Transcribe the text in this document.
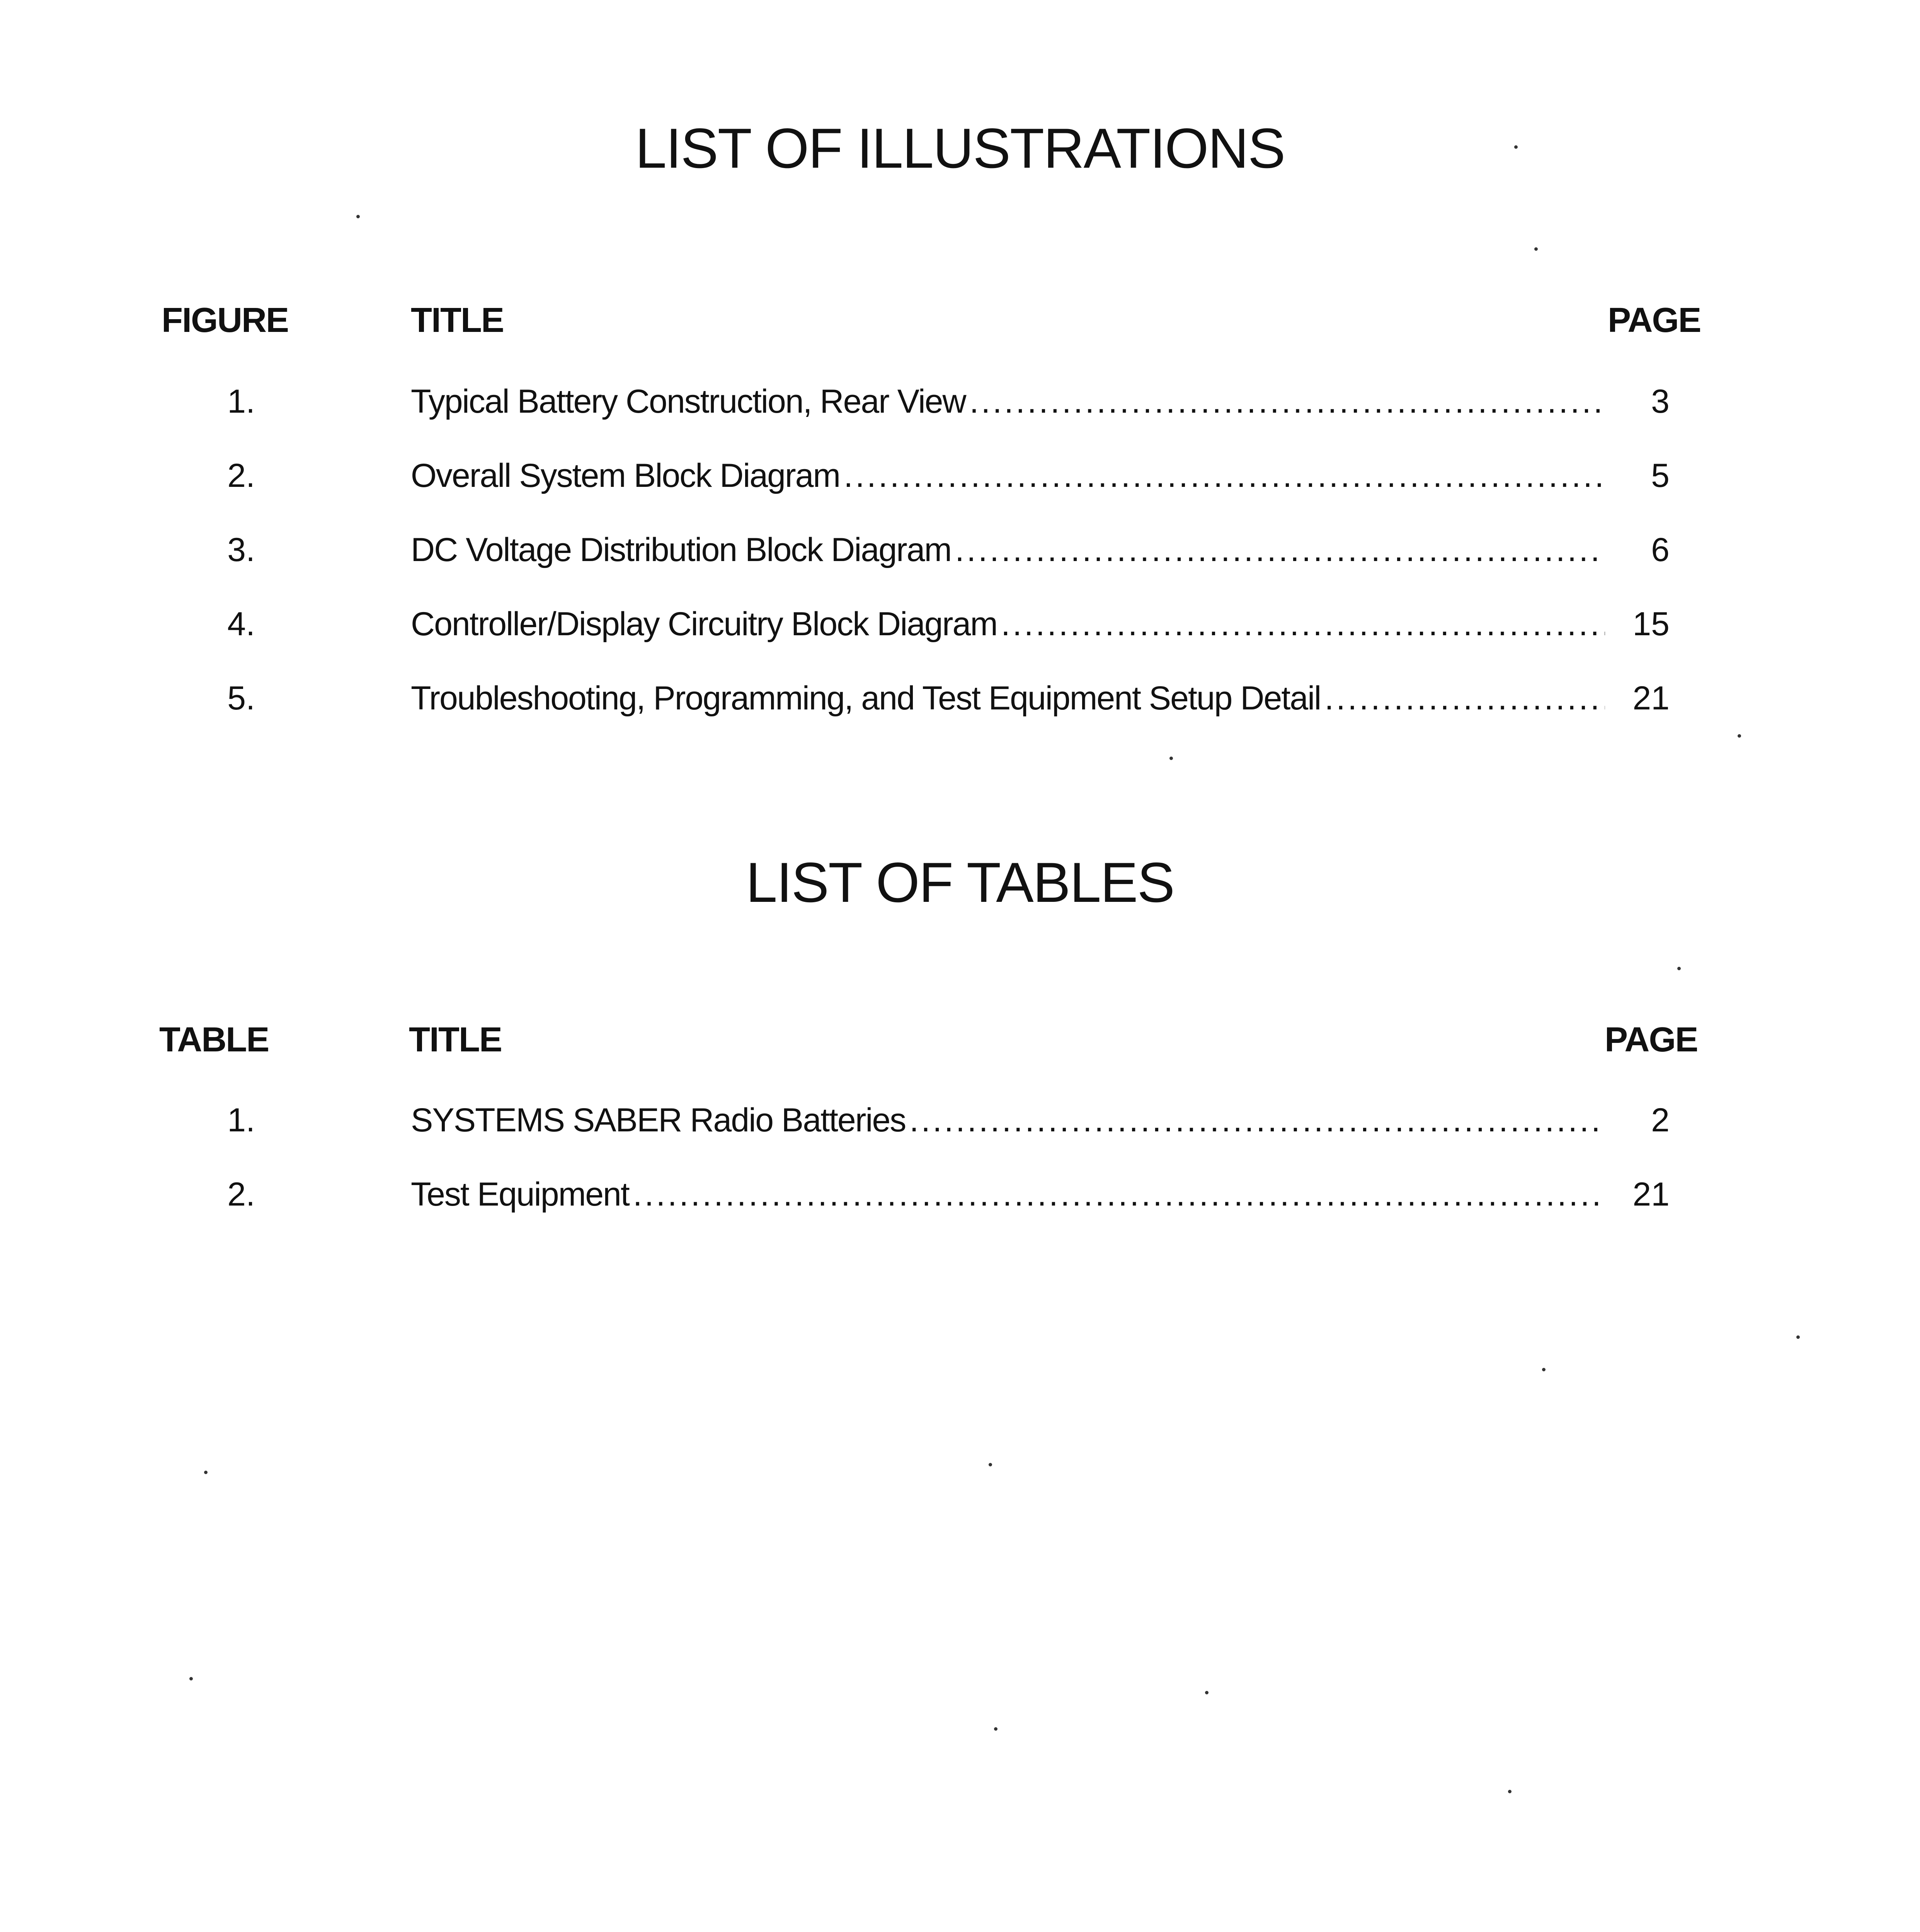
LIST OF ILLUSTRATIONS
FIGURE	TITLE	PAGE
1.	Typical Battery Construction, Rear View .....	3
2.	Overall System Block Diagram .....	5
3.	DC Voltage Distribution Block Diagram .....	6
4.	Controller/Display Circuitry Block Diagram .....	15
5.	Troubleshooting, Programming, and Test Equipment Setup Detail .....	21
LIST OF TABLES
TABLE	TITLE	PAGE
1.	SYSTEMS SABER Radio Batteries .....	2
2.	Test Equipment .....	21
